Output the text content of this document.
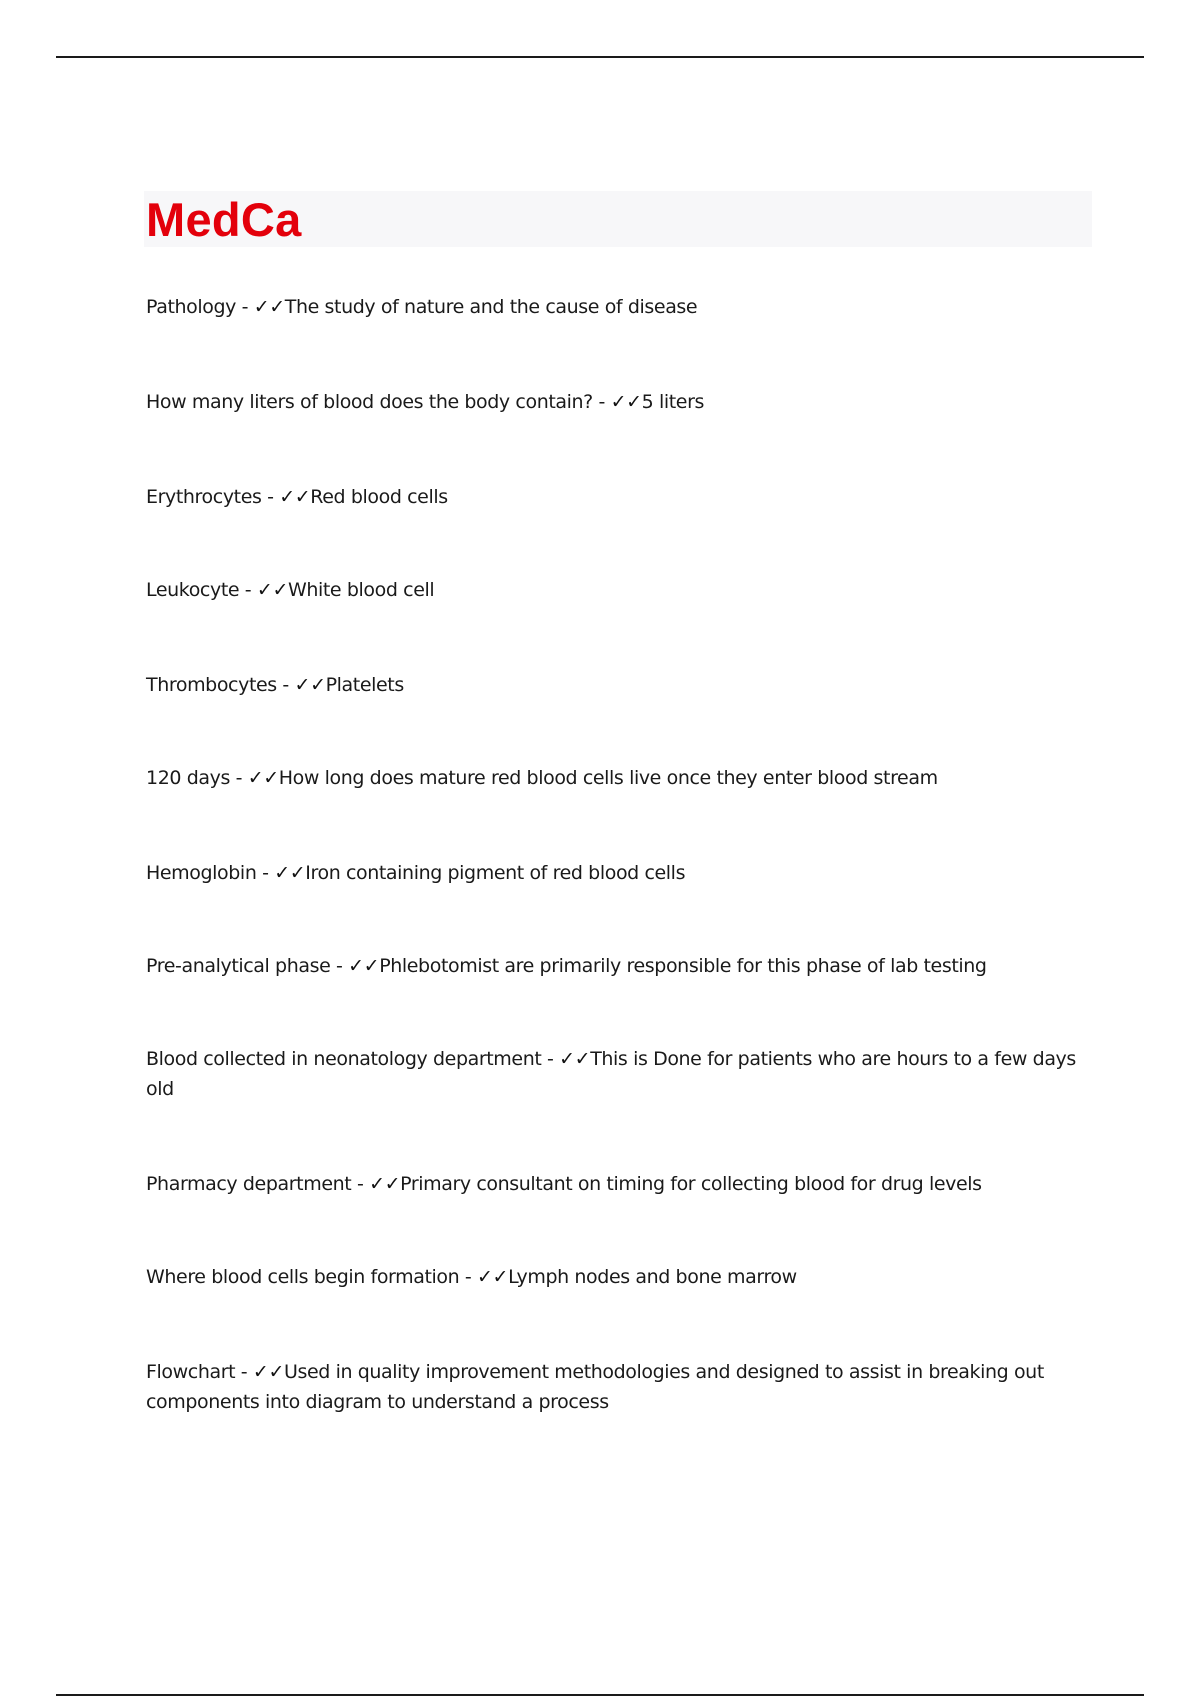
MedCa

Pathology - ✓✓The study of nature and the cause of disease

How many liters of blood does the body contain? - ✓✓5 liters

Erythrocytes - ✓✓Red blood cells

Leukocyte - ✓✓White blood cell

Thrombocytes - ✓✓Platelets

120 days - ✓✓How long does mature red blood cells live once they enter blood stream

Hemoglobin - ✓✓Iron containing pigment of red blood cells

Pre-analytical phase - ✓✓Phlebotomist are primarily responsible for this phase of lab testing

Blood collected in neonatology department - ✓✓This is Done for patients who are hours to a few days old

Pharmacy department - ✓✓Primary consultant on timing for collecting blood for drug levels

Where blood cells begin formation - ✓✓Lymph nodes and bone marrow

Flowchart - ✓✓Used in quality improvement methodologies and designed to assist in breaking out components into diagram to understand a process
